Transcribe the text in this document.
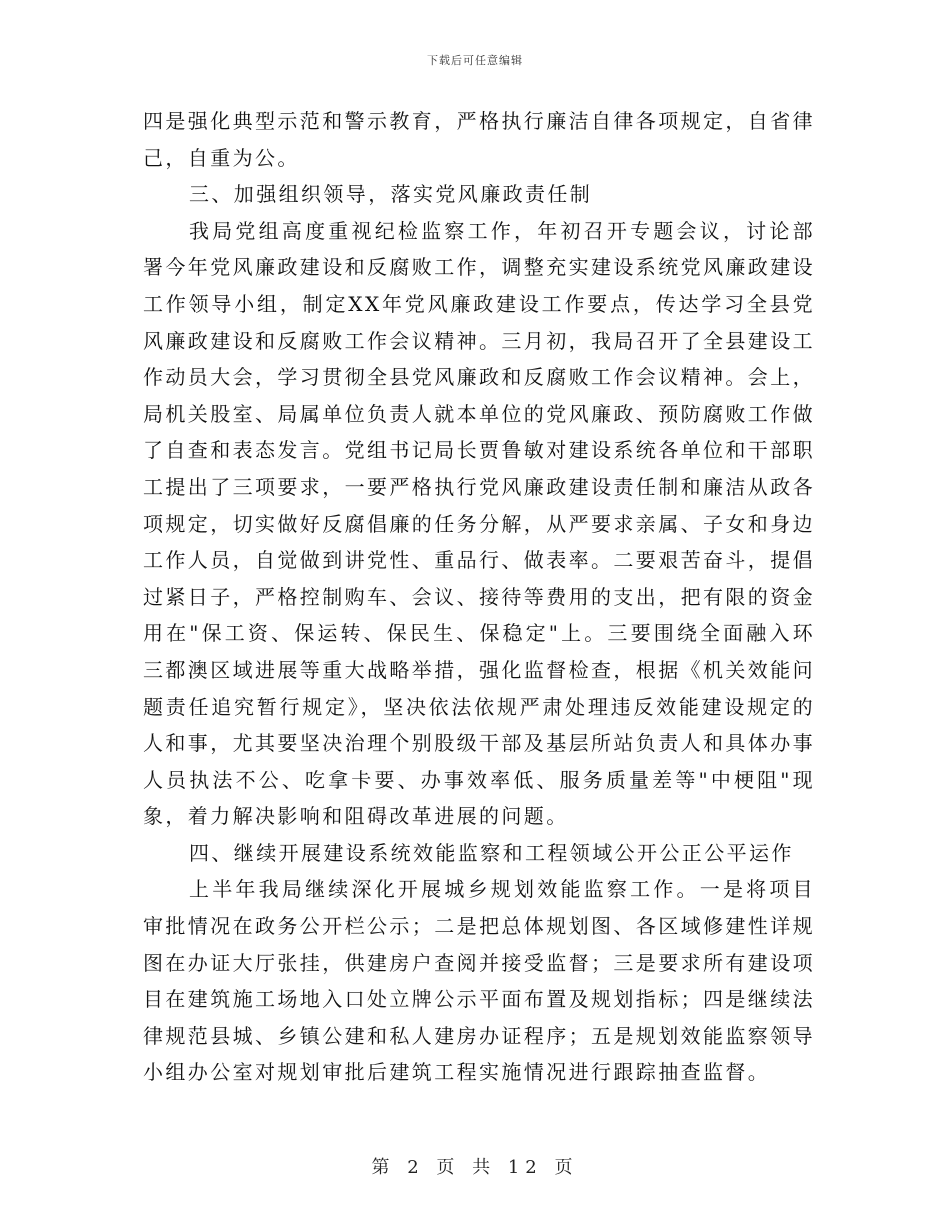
下载后可任意编辑

四是强化典型示范和警示教育，严格执行廉洁自律各项规定，自省律己，自重为公。

三、加强组织领导，落实党风廉政责任制

我局党组高度重视纪检监察工作，年初召开专题会议，讨论部署今年党风廉政建设和反腐败工作，调整充实建设系统党风廉政建设工作领导小组，制定XX年党风廉政建设工作要点，传达学习全县党风廉政建设和反腐败工作会议精神。三月初，我局召开了全县建设工作动员大会，学习贯彻全县党风廉政和反腐败工作会议精神。会上，局机关股室、局属单位负责人就本单位的党风廉政、预防腐败工作做了自查和表态发言。党组书记局长贾鲁敏对建设系统各单位和干部职工提出了三项要求，一要严格执行党风廉政建设责任制和廉洁从政各项规定，切实做好反腐倡廉的任务分解，从严要求亲属、子女和身边工作人员，自觉做到讲党性、重品行、做表率。二要艰苦奋斗，提倡过紧日子，严格控制购车、会议、接待等费用的支出，把有限的资金用在"保工资、保运转、保民生、保稳定"上。三要围绕全面融入环三都澳区域进展等重大战略举措，强化监督检查，根据《机关效能问题责任追究暂行规定》，坚决依法依规严肃处理违反效能建设规定的人和事，尤其要坚决治理个别股级干部及基层所站负责人和具体办事人员执法不公、吃拿卡要、办事效率低、服务质量差等"中梗阻"现象，着力解决影响和阻碍改革进展的问题。

四、继续开展建设系统效能监察和工程领域公开公正公平运作

上半年我局继续深化开展城乡规划效能监察工作。一是将项目审批情况在政务公开栏公示；二是把总体规划图、各区域修建性详规图在办证大厅张挂，供建房户查阅并接受监督；三是要求所有建设项目在建筑施工场地入口处立牌公示平面布置及规划指标；四是继续法律规范县城、乡镇公建和私人建房办证程序；五是规划效能监察领导小组办公室对规划审批后建筑工程实施情况进行跟踪抽查监督。

第 2 页 共 12 页
